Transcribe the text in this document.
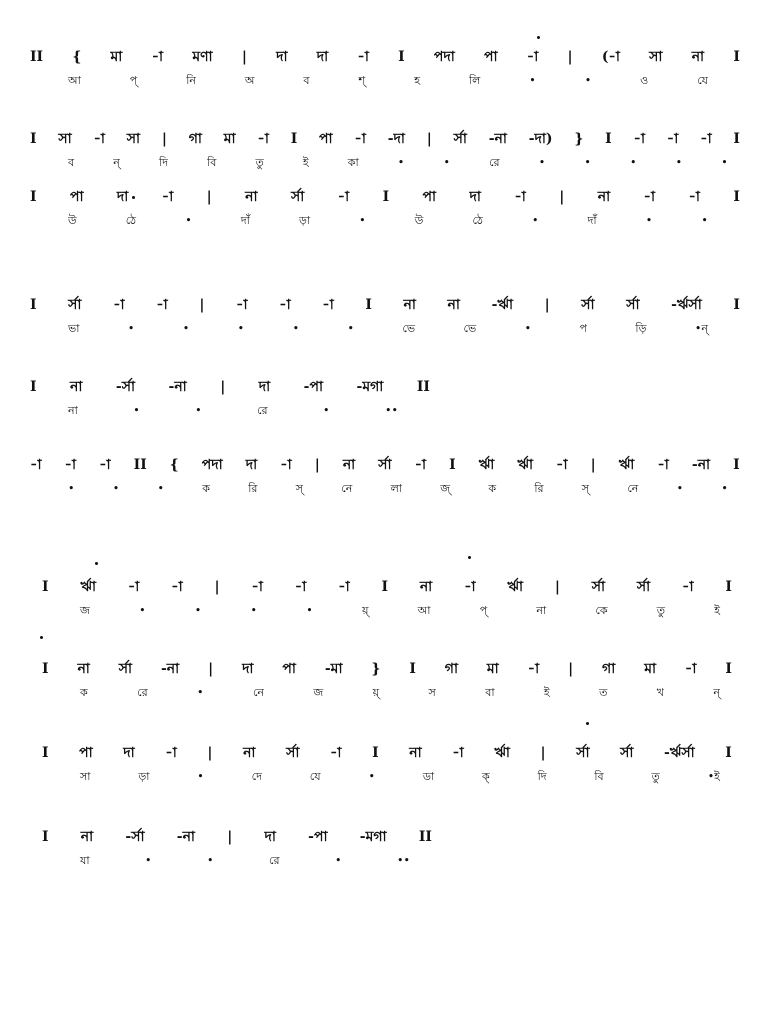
II { মা -া মণা | দা দা -া I পদা পা -া | (-া সা না I
আ	প্	নি	অ	ব	শ্	হ	লি	•	•	ও	যে
I সা -া সা | গা মা -া I পা -া -দা | র্সা -না -দা) } I -া -া -া I
ব	ন্	দি	বি	তু	ই	কা	•	•	রে	•	•	•	•	•
I পা দা -া | না র্সা -া I পা দা -া | না -া -া I
উ	ঠে	•	দাঁ	ড়া	•	উ	ঠে	•	দাঁ	•	•
I র্সা -া -া | -া -া -া I না না -র্ঋা | র্সা র্সা -র্ঋর্সা I
ভা	•	•	•	•	•	ভে	ভে	•	প	ড়ি	•ন্
I না -র্সা -না | দা -পা -মগা II
না	•	•	রে	•	••
-া -া -া II { পদা দা -া | না র্সা -া I র্ঋা র্ঋা -া | র্ঋা -া -না I
•	•	•	ক	রি	স্	নে	লা	জ্	ক	রি	স্	নে	•	•
I র্ঋা -া -া | -া -া -া I না -া র্ঋা | র্সা র্সা -া I
জ	•	•	•	•	য়্	আ	প্	না	কে	তু	ই
I না র্সা -না | দা পা -মা } I গা মা -া | গা মা -া I
ক	রে	•	নে	জ	য়্	স	বা	ই	ত	খ	ন্
I পা দা -া | না র্সা -া I না -া র্ঋা | র্সা র্সা -র্ঋর্সা I
সা	ড়া	•	দে	যে	•	ডা	ক্	দি	বি	তু	•ই
I না -র্সা -না | দা -পা -মগা II
যা	•	•	রে	•	••
